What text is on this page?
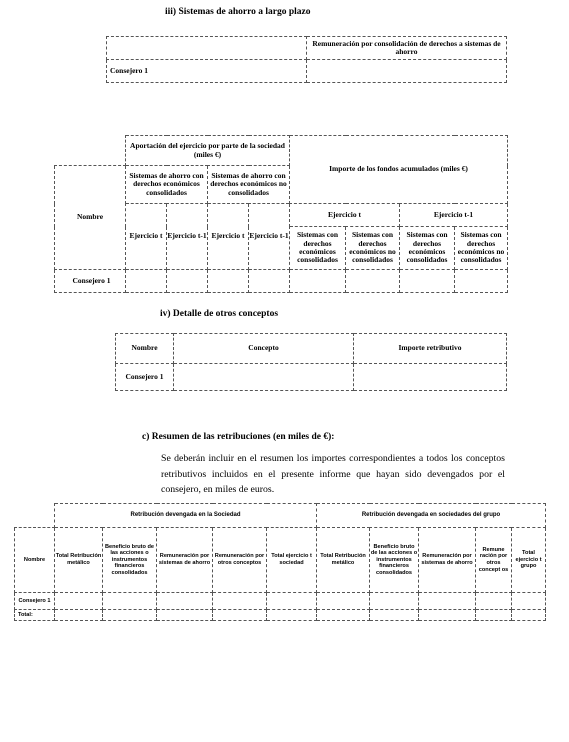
iii) Sistemas de ahorro a largo plazo
	Remuneración por consolidación de derechos a sistemas de ahorro
Consejero 1	
	Aportación del ejercicio por parte de la sociedad (miles €)				Importe de los fondos acumulados (miles €)			
Nombre	Sistemas de ahorro con derechos económicos consolidados		Sistemas de ahorro con derechos económicos no consolidados					
	Ejercicio t	Ejercicio t-1	Ejercicio t	Ejercicio t-1	Ejercicio t		Ejercicio t-1	
					Sistemas con derechos económicos consolidados	Sistemas con derechos económicos no consolidados	Sistemas con derechos económicos consolidados	Sistemas con derechos económicos no consolidados
Consejero 1								
iv) Detalle de otros conceptos
Nombre	Concepto	Importe retributivo
Consejero 1		
c) Resumen de las retribuciones (en miles de €):
Se deberán incluir en el resumen los importes correspondientes a todos los conceptos retributivos incluidos en el presente informe que hayan sido devengados por el consejero, en miles de euros.
	Retribución devengada en la Sociedad					Retribución devengada en sociedades del grupo				
Nombre	Total Retribución metálico	Beneficio bruto de las acciones o instrumentos financieros consolidados	Remuneración por sistemas de ahorro	Remuneración por otros conceptos	Total ejercicio t sociedad	Total Retribución metálico	Beneficio bruto de las acciones o instrumentos financieros consolidados	Remuneración por sistemas de ahorro	Remune ración por otros concept os	Total ejercicio t grupo
Consejero 1										
Total:										
